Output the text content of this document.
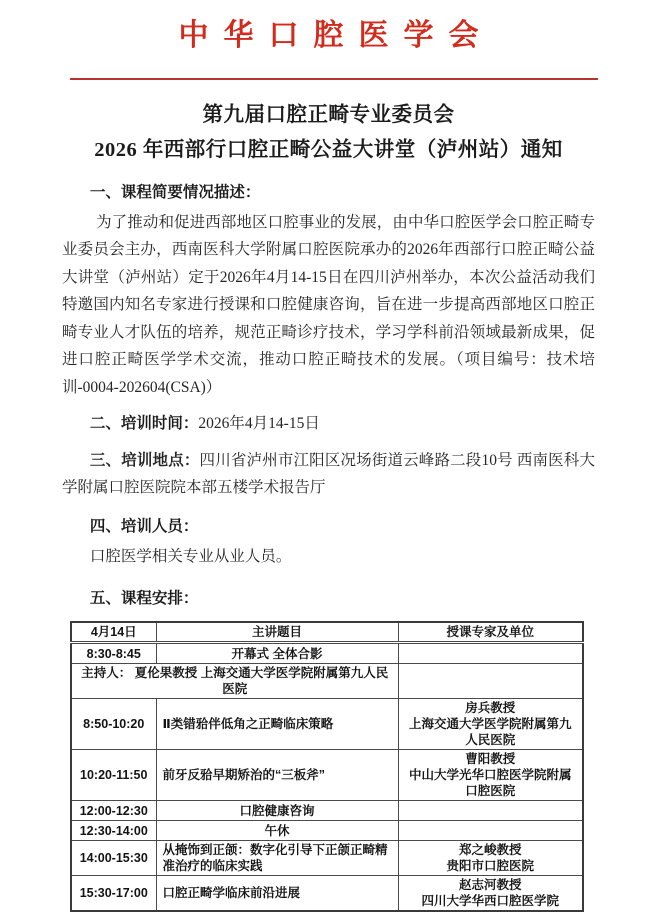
中华口腔医学会
第九届口腔正畸专业委员会
2026 年西部行口腔正畸公益大讲堂（泸州站）通知

一、课程简要情况描述：

为了推动和促进西部地区口腔事业的发展，由中华口腔医学会口腔正畸专业委员会主办，西南医科大学附属口腔医院承办的2026年西部行口腔正畸公益大讲堂（泸州站）定于2026年4月14-15日在四川泸州举办，本次公益活动我们特邀国内知名专家进行授课和口腔健康咨询，旨在进一步提高西部地区口腔正畸专业人才队伍的培养，规范正畸诊疗技术，学习学科前沿领域最新成果，促进口腔正畸医学学术交流，推动口腔正畸技术的发展。（项目编号：技术培训-0004-202604(CSA)）

二、培训时间：2026年4月14-15日

三、培训地点：四川省泸州市江阳区况场街道云峰路二段10号 西南医科大学附属口腔医院院本部五楼学术报告厅

四、培训人员：

口腔医学相关专业从业人员。

五、课程安排：

4月14日	主讲题目	授课专家及单位
8:30-8:45	开幕式 全体合影	
主持人： 夏伦果教授 上海交通大学医学院附属第九人民医院		
8:50-10:20	Ⅱ类错𬌗伴低角之正畸临床策略	房兵教授
上海交通大学医学院附属第九人民医院

10:20-11:50	前牙反𬌗早期矫治的“三板斧”	曹阳教授
中山大学光华口腔医学院附属口腔医院

12:00-12:30	口腔健康咨询	
12:30-14:00	午休	
14:00-15:30	从掩饰到正颌：数字化引导下正颌正畸精准治疗的临床实践	郑之峻教授
贵阳市口腔医院

15:30-17:00	口腔正畸学临床前沿进展	赵志河教授
四川大学华西口腔医学院
